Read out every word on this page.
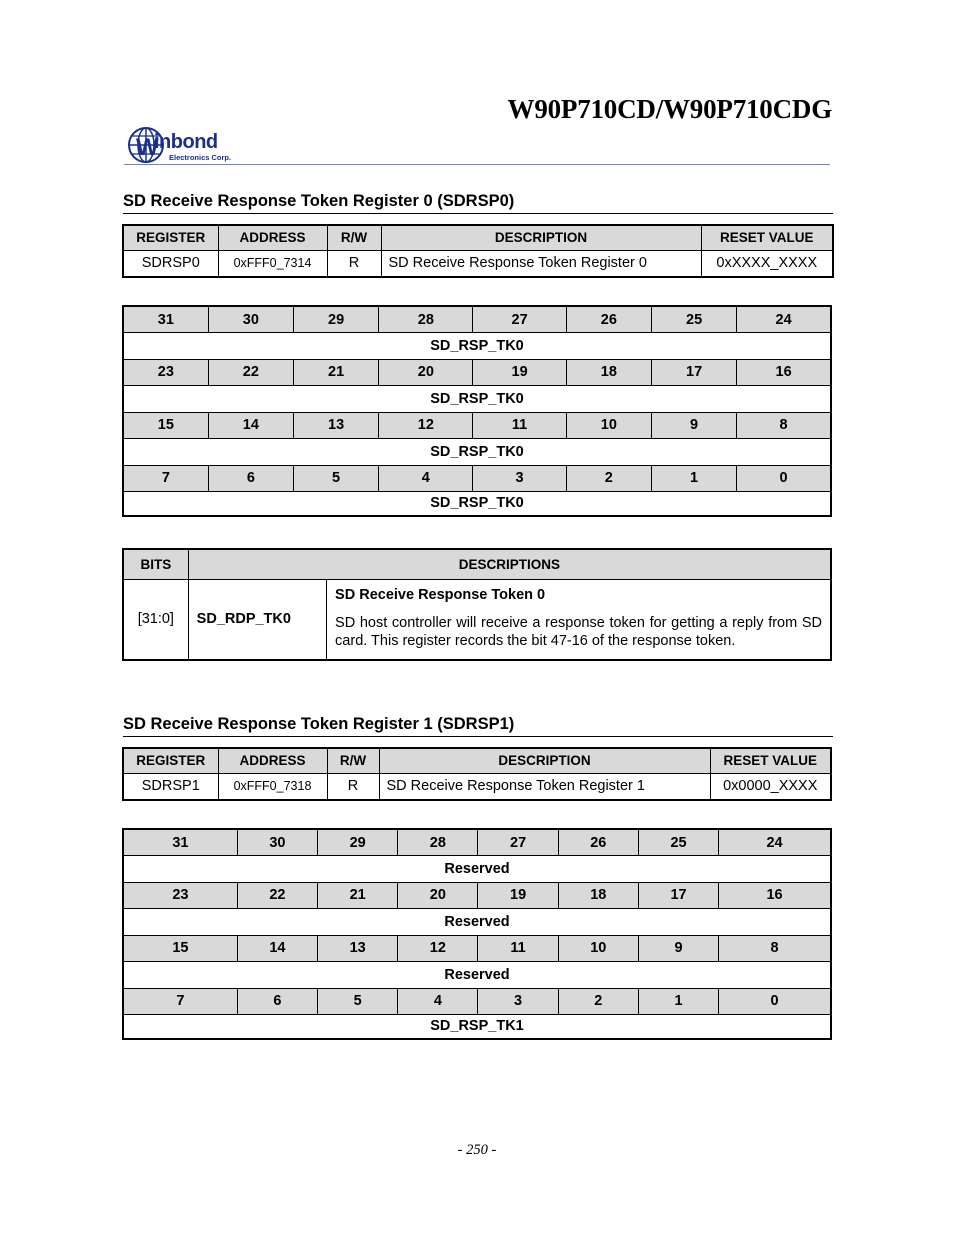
W90P710CD/W90P710CDG
W
inbond
Electronics Corp.
SD Receive Response Token Register 0 (SDRSP0)
REGISTER	ADDRESS	R/W	DESCRIPTION	RESET VALUE
SDRSP0	0xFFF0_7314	R	SD Receive Response Token Register 0	0xXXXX_XXXX
31	30	29	28	27	26	25	24
SD_RSP_TK0							
23	22	21	20	19	18	17	16
SD_RSP_TK0							
15	14	13	12	11	10	9	8
SD_RSP_TK0							
7	6	5	4	3	2	1	0
SD_RSP_TK0							
BITS	DESCRIPTIONS	
[31:0]	SD_RDP_TK0	SD Receive Response Token 0
SD host controller will receive a response token for getting a reply from SD card. This register records the bit 47-16 of the response token.
SD Receive Response Token Register 1 (SDRSP1)
REGISTER	ADDRESS	R/W	DESCRIPTION	RESET VALUE
SDRSP1	0xFFF0_7318	R	SD Receive Response Token Register 1	0x0000_XXXX
31	30	29	28	27	26	25	24
Reserved							
23	22	21	20	19	18	17	16
Reserved							
15	14	13	12	11	10	9	8
Reserved							
7	6	5	4	3	2	1	0
SD_RSP_TK1							
- 250 -
